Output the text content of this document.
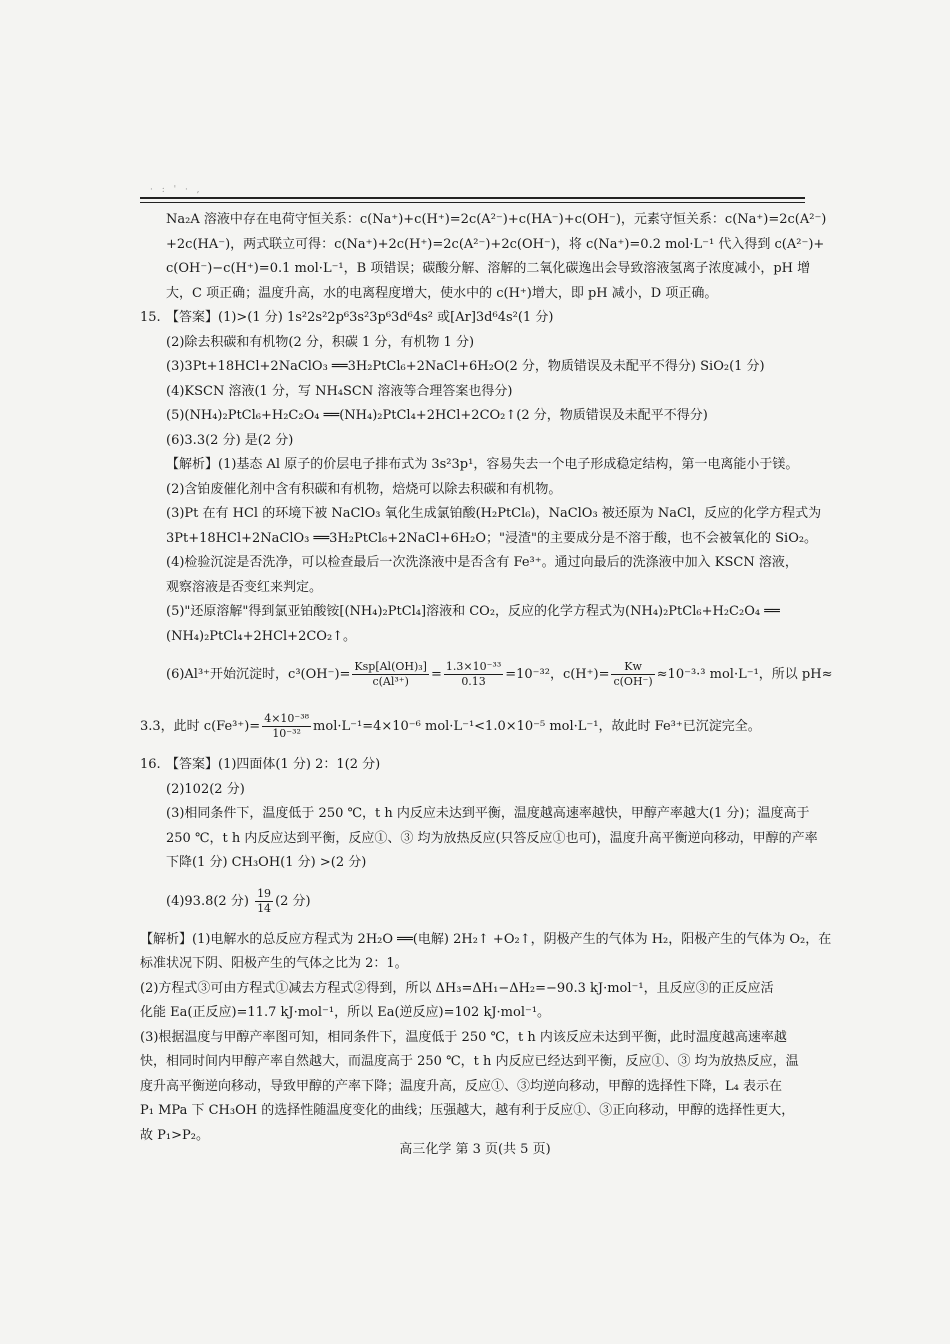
· : ' · ,
Na₂A 溶液中存在电荷守恒关系：c(Na⁺)+c(H⁺)=2c(A²⁻)+c(HA⁻)+c(OH⁻)，元素守恒关系：c(Na⁺)=2c(A²⁻)
+2c(HA⁻)，两式联立可得：c(Na⁺)+2c(H⁺)=2c(A²⁻)+2c(OH⁻)，将 c(Na⁺)=0.2 mol·L⁻¹ 代入得到 c(A²⁻)+
c(OH⁻)−c(H⁺)=0.1 mol·L⁻¹，B 项错误；碳酸分解、溶解的二氧化碳逸出会导致溶液氢离子浓度减小，pH 增
大，C 项正确；温度升高，水的电离程度增大，使水中的 c(H⁺)增大，即 pH 减小，D 项正确。
15. 【答案】(1)>(1 分) 1s²2s²2p⁶3s²3p⁶3d⁶4s² 或[Ar]3d⁶4s²(1 分)
(2)除去积碳和有机物(2 分，积碳 1 分，有机物 1 分)
(3)3Pt+18HCl+2NaClO₃ ══3H₂PtCl₆+2NaCl+6H₂O(2 分，物质错误及未配平不得分) SiO₂(1 分)
(4)KSCN 溶液(1 分，写 NH₄SCN 溶液等合理答案也得分)
(5)(NH₄)₂PtCl₆+H₂C₂O₄ ══(NH₄)₂PtCl₄+2HCl+2CO₂↑(2 分，物质错误及未配平不得分)
(6)3.3(2 分) 是(2 分)
【解析】(1)基态 Al 原子的价层电子排布式为 3s²3p¹，容易失去一个电子形成稳定结构，第一电离能小于镁。
(2)含铂废催化剂中含有积碳和有机物，焙烧可以除去积碳和有机物。
(3)Pt 在有 HCl 的环境下被 NaClO₃ 氧化生成氯铂酸(H₂PtCl₆)，NaClO₃ 被还原为 NaCl，反应的化学方程式为
3Pt+18HCl+2NaClO₃ ══3H₂PtCl₆+2NaCl+6H₂O；"浸渣"的主要成分是不溶于酸，也不会被氧化的 SiO₂。
(4)检验沉淀是否洗净，可以检查最后一次洗涤液中是否含有 Fe³⁺。通过向最后的洗涤液中加入 KSCN 溶液，
观察溶液是否变红来判定。
(5)"还原溶解"得到氯亚铂酸铵[(NH₄)₂PtCl₄]溶液和 CO₂，反应的化学方程式为(NH₄)₂PtCl₆+H₂C₂O₄ ══
(NH₄)₂PtCl₄+2HCl+2CO₂↑。
(6)Al³⁺开始沉淀时，$c^3(OH^-)= \frac{\text{Ksp[Al(OH)₃]}}{\text{c(Al³⁺)}} = \frac{\text{1.3×10⁻³³}}{0.13} =10^{-32}$，$c(H^+)= \frac{Kw}{c(OH^-)} \approx 10^{-3}\cdot^3$ mol·L⁻¹，所以 pH≈
3.3，此时 $c(Fe^{3+})= \frac{\text{4×10⁻³⁸}}{\text{10⁻³²}} mol\cdot L^{-1}=4\times 10^{-6}$ mol·L⁻¹<1.0×10⁻⁵ mol·L⁻¹，故此时 Fe³⁺已沉淀完全。
16. 【答案】(1)四面体(1 分) 2：1(2 分)
(2)102(2 分)
(3)相同条件下，温度低于 250 ℃，t h 内反应未达到平衡，温度越高速率越快，甲醇产率越大(1 分)；温度高于
250 ℃，t h 内反应达到平衡，反应①、③ 均为放热反应(只答反应①也可)，温度升高平衡逆向移动，甲醇的产率
下降(1 分) CH₃OH(1 分) >(2 分)
(4)93.8(2 分) $\frac{19}{14} (2$ 分)
【解析】(1)电解水的总反应方程式为 2H₂O ══(电解) 2H₂↑ +O₂↑，阴极产生的气体为 H₂，阳极产生的气体为 O₂，在
标准状况下阴、阳极产生的气体之比为 2：1。
(2)方程式③可由方程式①减去方程式②得到，所以 ΔH₃=ΔH₁−ΔH₂=−90.3 kJ·mol⁻¹，且反应③的正反应活
化能 Ea(正反应)=11.7 kJ·mol⁻¹，所以 Ea(逆反应)=102 kJ·mol⁻¹。
(3)根据温度与甲醇产率图可知，相同条件下，温度低于 250 ℃，t h 内该反应未达到平衡，此时温度越高速率越
快，相同时间内甲醇产率自然越大，而温度高于 250 ℃，t h 内反应已经达到平衡，反应①、③ 均为放热反应，温
度升高平衡逆向移动，导致甲醇的产率下降；温度升高，反应①、③均逆向移动，甲醇的选择性下降，L₄ 表示在
P₁ MPa 下 CH₃OH 的选择性随温度变化的曲线；压强越大，越有利于反应①、③正向移动，甲醇的选择性更大，
故 P₁>P₂。
高三化学 第 3 页(共 5 页)
